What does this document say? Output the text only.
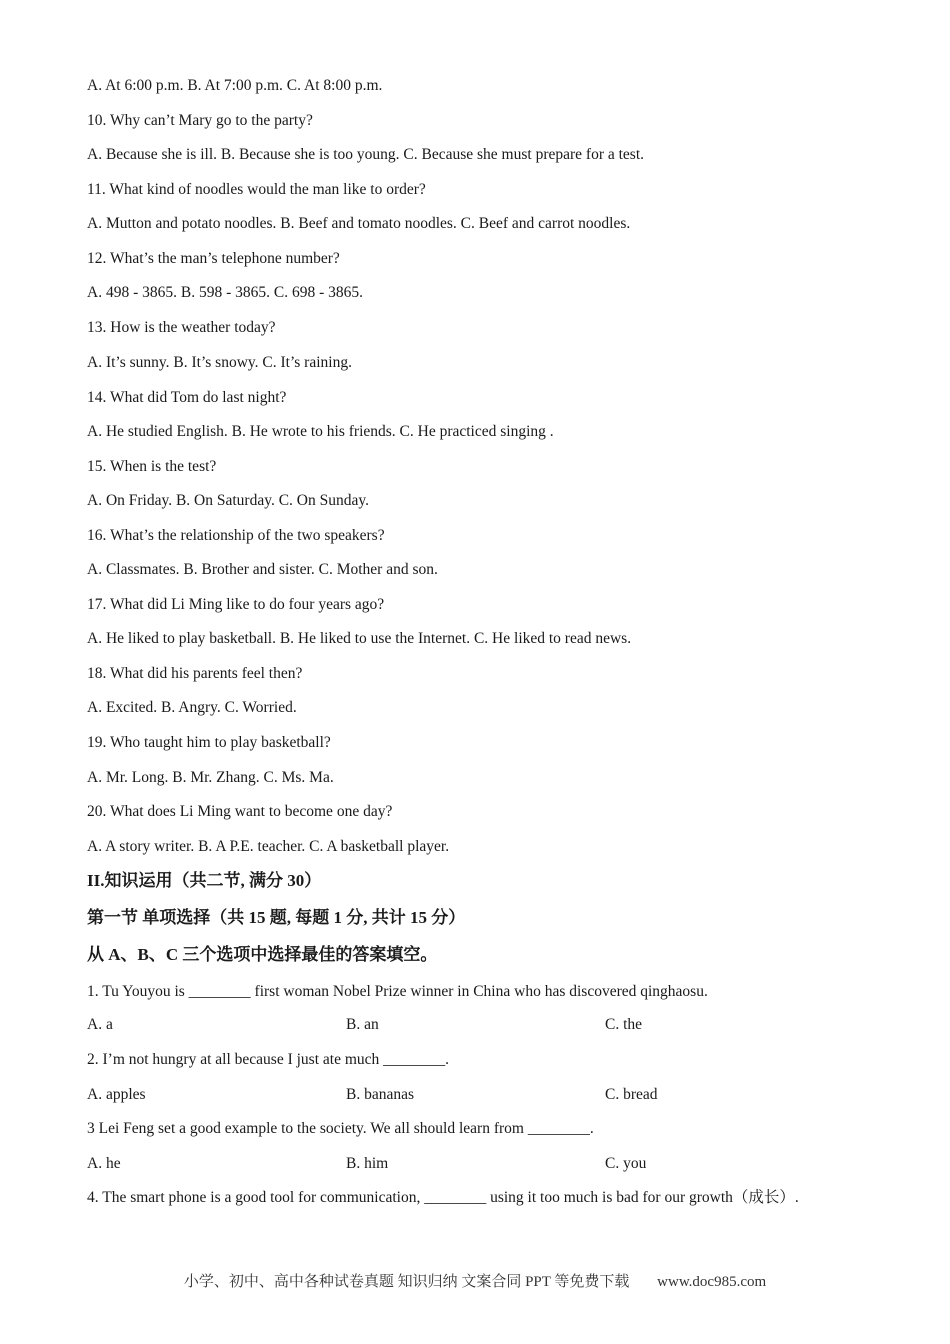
A. At 6:00 p.m. B. At 7:00 p.m. C. At 8:00 p.m.
10. Why can’t Mary go to the party?
A. Because she is ill. B. Because she is too young. C. Because she must prepare for a test.
11. What kind of noodles would the man like to order?
A. Mutton and potato noodles. B. Beef and tomato noodles. C. Beef and carrot noodles.
12. What’s the man’s telephone number?
A. 498 - 3865. B. 598 - 3865. C. 698 - 3865.
13. How is the weather today?
A. It’s sunny. B. It’s snowy. C. It’s raining.
14. What did Tom do last night?
A. He studied English. B. He wrote to his friends. C. He practiced singing .
15. When is the test?
A. On Friday. B. On Saturday. C. On Sunday.
16. What’s the relationship of the two speakers?
A. Classmates. B. Brother and sister. C. Mother and son.
17. What did Li Ming like to do four years ago?
A. He liked to play basketball. B. He liked to use the Internet. C. He liked to read news.
18. What did his parents feel then?
A. Excited. B. Angry. C. Worried.
19. Who taught him to play basketball?
A. Mr. Long. B. Mr. Zhang. C. Ms. Ma.
20. What does Li Ming want to become one day?
A. A story writer. B. A P.E. teacher. C. A basketball player.
II.知识运用（共二节, 满分 30）
第一节 单项选择（共 15 题, 每题 1 分, 共计 15 分）
从 A、B、C 三个选项中选择最佳的答案填空。
1. Tu Youyou is ________ first woman Nobel Prize winner in China who has discovered qinghaosu.
A. a	B. an	C. the
2. I’m not hungry at all because I just ate much ________.
A. apples	B. bananas	C. bread
3 Lei Feng set a good example to the society. We all should learn from ________.
A. he	B. him	C. you
4. The smart phone is a good tool for communication, ________ using it too much is bad for our growth（成长）.
小学、初中、高中各种试卷真题 知识归纳 文案合同 PPT 等免费下载 www.doc985.com
